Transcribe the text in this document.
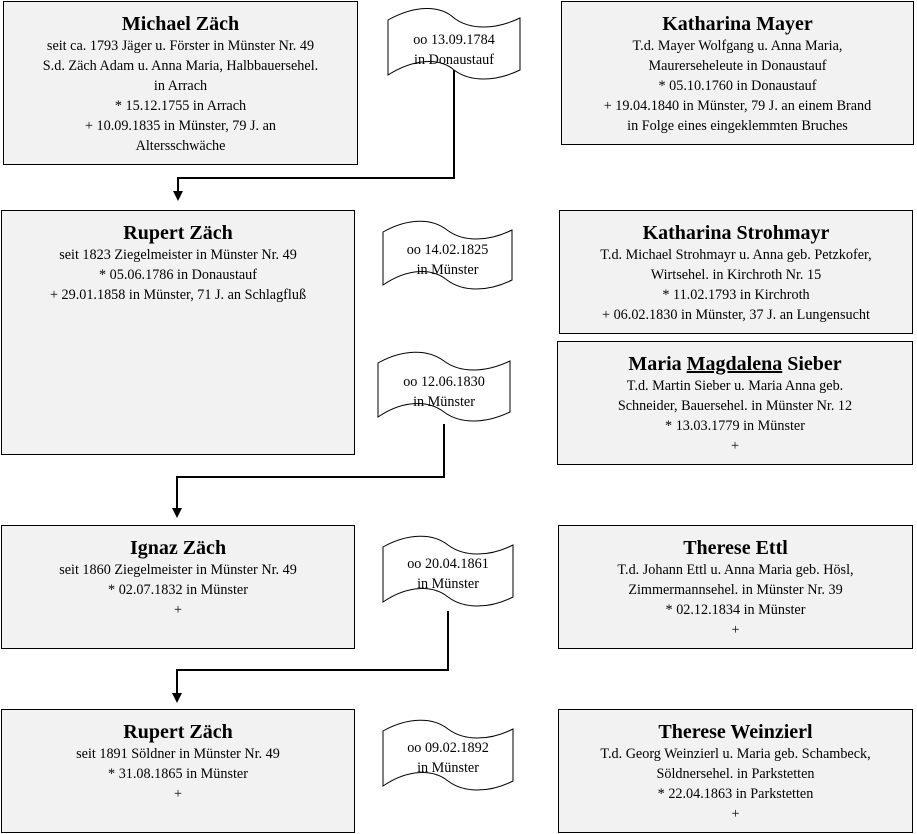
oo 13.09.1784
in Donaustauf
oo 14.02.1825
in Münster
oo 12.06.1830
in Münster
oo 20.04.1861
in Münster
oo 09.02.1892
in Münster
Michael Zäch
seit ca. 1793 Jäger u. Förster in Münster Nr. 49
S.d. Zäch Adam u. Anna Maria, Halbbauersehel.
in Arrach
* 15.12.1755 in Arrach
+ 10.09.1835 in Münster, 79 J. an
Altersschwäche
Katharina Mayer
T.d. Mayer Wolfgang u. Anna Maria,
Maurerseheleute in Donaustauf
* 05.10.1760 in Donaustauf
+ 19.04.1840 in Münster, 79 J. an einem Brand
in Folge eines eingeklemmten Bruches
Rupert Zäch
seit 1823 Ziegelmeister in Münster Nr. 49
* 05.06.1786 in Donaustauf
+ 29.01.1858 in Münster, 71 J. an Schlagfluß
Katharina Strohmayr
T.d. Michael Strohmayr u. Anna geb. Petzkofer,
Wirtsehel. in Kirchroth Nr. 15
* 11.02.1793 in Kirchroth
+ 06.02.1830 in Münster, 37 J. an Lungensucht
Maria Magdalena Sieber
T.d. Martin Sieber u. Maria Anna geb.
Schneider, Bauersehel. in Münster Nr. 12
* 13.03.1779 in Münster
+
Ignaz Zäch
seit 1860 Ziegelmeister in Münster Nr. 49
* 02.07.1832 in Münster
+
Therese Ettl
T.d. Johann Ettl u. Anna Maria geb. Hösl,
Zimmermannsehel. in Münster Nr. 39
* 02.12.1834 in Münster
+
Rupert Zäch
seit 1891 Söldner in Münster Nr. 49
* 31.08.1865 in Münster
+
Therese Weinzierl
T.d. Georg Weinzierl u. Maria geb. Schambeck,
Söldnersehel. in Parkstetten
* 22.04.1863 in Parkstetten
+
